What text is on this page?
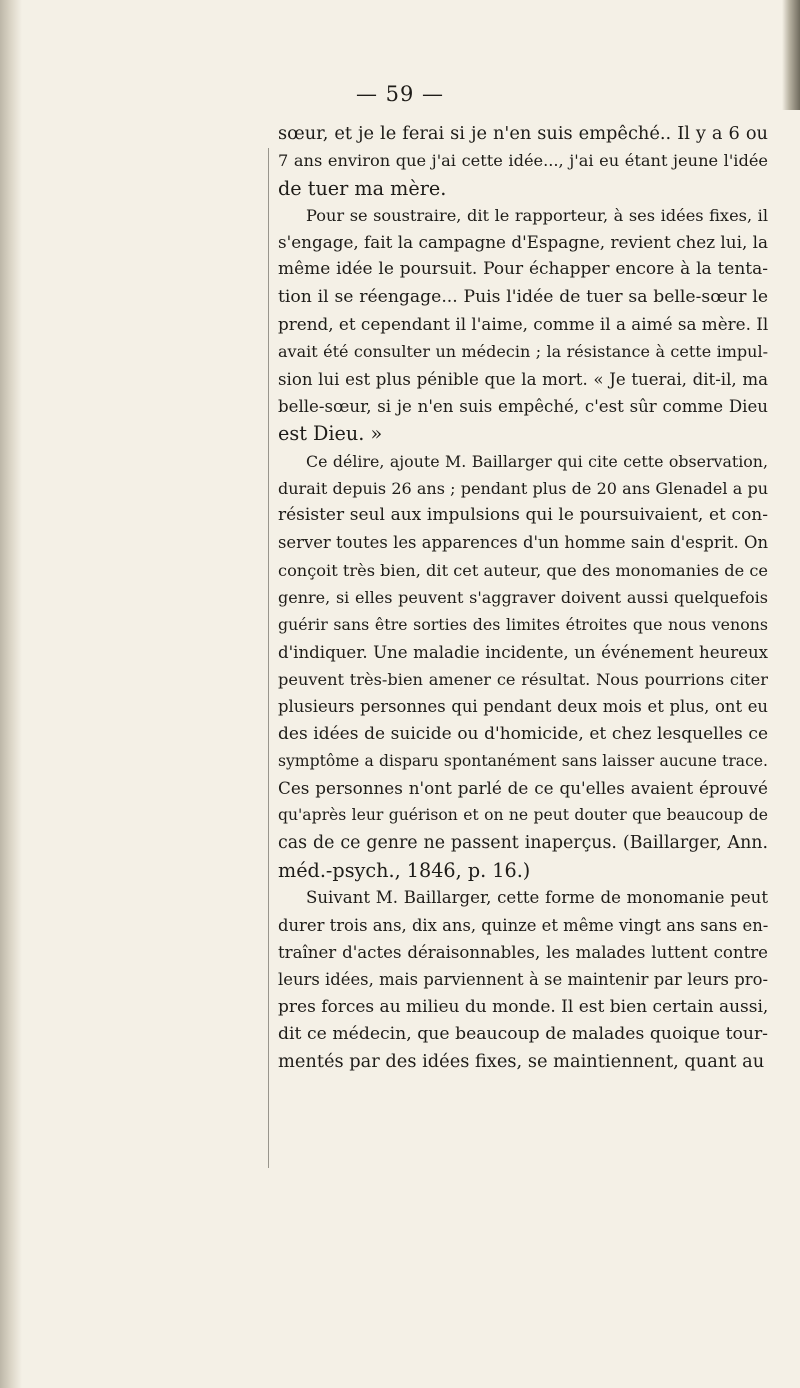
— 59 —
sœur, et je le ferai si je n'en suis empêché.. Il y a 6 ou
7 ans environ que j'ai cette idée..., j'ai eu étant jeune l'idée
de tuer ma mère.
Pour se soustraire, dit le rapporteur, à ses idées fixes, il
s'engage, fait la campagne d'Espagne, revient chez lui, la
même idée le poursuit. Pour échapper encore à la tenta-
tion il se réengage... Puis l'idée de tuer sa belle-sœur le
prend, et cependant il l'aime, comme il a aimé sa mère. Il
avait été consulter un médecin ; la résistance à cette impul-
sion lui est plus pénible que la mort. « Je tuerai, dit-il, ma
belle-sœur, si je n'en suis empêché, c'est sûr comme Dieu
est Dieu. »
Ce délire, ajoute M. Baillarger qui cite cette observation,
durait depuis 26 ans ; pendant plus de 20 ans Glenadel a pu
résister seul aux impulsions qui le poursuivaient, et con-
server toutes les apparences d'un homme sain d'esprit. On
conçoit très bien, dit cet auteur, que des monomanies de ce
genre, si elles peuvent s'aggraver doivent aussi quelquefois
guérir sans être sorties des limites étroites que nous venons
d'indiquer. Une maladie incidente, un événement heureux
peuvent très-bien amener ce résultat. Nous pourrions citer
plusieurs personnes qui pendant deux mois et plus, ont eu
des idées de suicide ou d'homicide, et chez lesquelles ce
symptôme a disparu spontanément sans laisser aucune trace.
Ces personnes n'ont parlé de ce qu'elles avaient éprouvé
qu'après leur guérison et on ne peut douter que beaucoup de
cas de ce genre ne passent inaperçus. (Baillarger, Ann.
méd.-psych., 1846, p. 16.)
Suivant M. Baillarger, cette forme de monomanie peut
durer trois ans, dix ans, quinze et même vingt ans sans en-
traîner d'actes déraisonnables, les malades luttent contre
leurs idées, mais parviennent à se maintenir par leurs pro-
pres forces au milieu du monde. Il est bien certain aussi,
dit ce médecin, que beaucoup de malades quoique tour-
mentés par des idées fixes, se maintiennent, quant au
